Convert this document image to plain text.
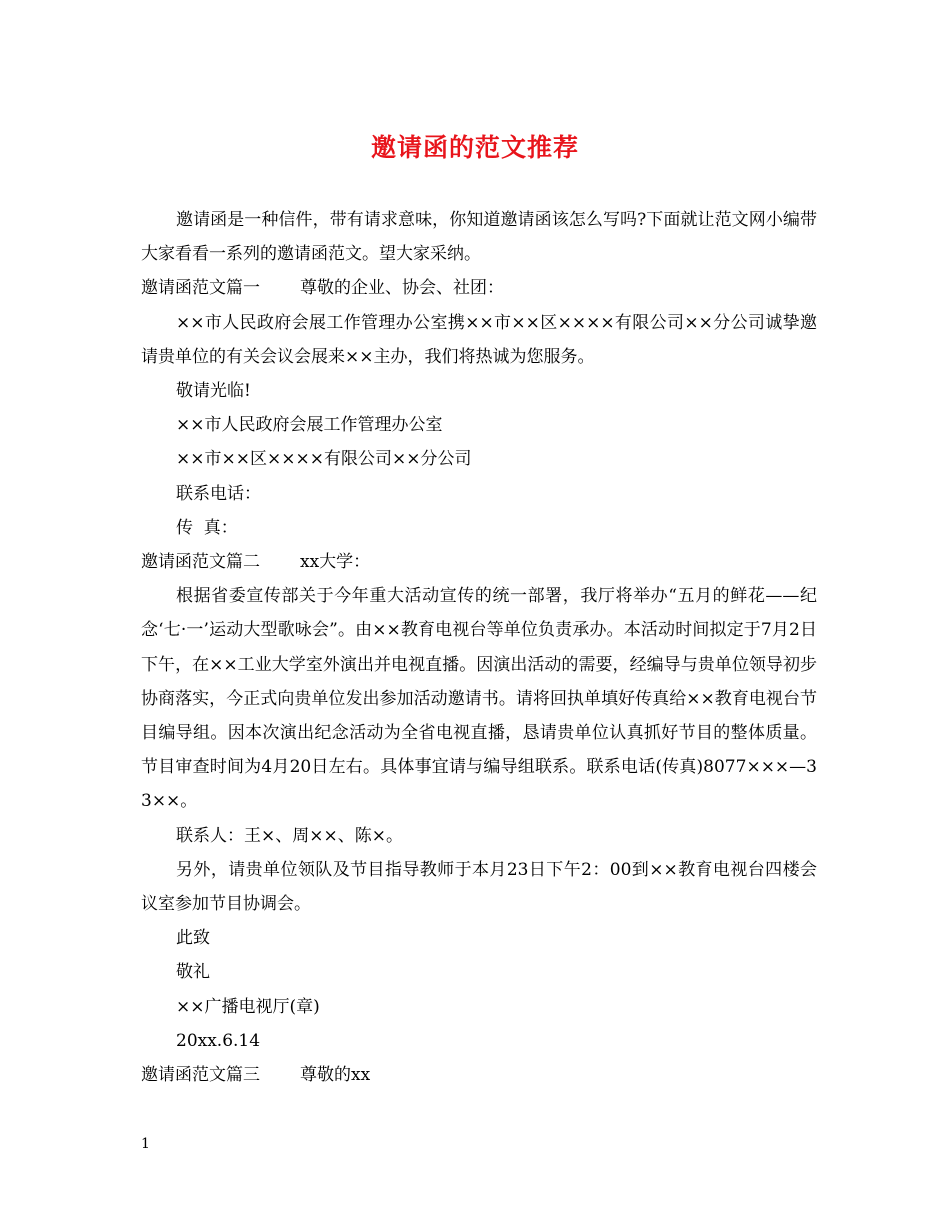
邀请函的范文推荐

邀请函是一种信件，带有请求意味，你知道邀请函该怎么写吗?下面就让范文网小编带大家看看一系列的邀请函范文。望大家采纳。

邀请函范文篇一 尊敬的企业、协会、社团：

××市人民政府会展工作管理办公室携××市××区××××有限公司××分公司诚挚邀请贵单位的有关会议会展来××主办，我们将热诚为您服务。

敬请光临!

××市人民政府会展工作管理办公室

××市××区××××有限公司××分公司

联系电话：

传  真：

邀请函范文篇二 xx大学：

根据省委宣传部关于今年重大活动宣传的统一部署，我厅将举办“五月的鲜花——纪念‘七·一’运动大型歌咏会”。由××教育电视台等单位负责承办。本活动时间拟定于7月2日下午，在××工业大学室外演出并电视直播。因演出活动的需要，经编导与贵单位领导初步协商落实，今正式向贵单位发出参加活动邀请书。请将回执单填好传真给××教育电视台节目编导组。因本次演出纪念活动为全省电视直播，恳请贵单位认真抓好节目的整体质量。节目审查时间为4月20日左右。具体事宜请与编导组联系。联系电话(传真)8077×××—33××。

联系人：王×、周××、陈×。

另外，请贵单位领队及节目指导教师于本月23日下午2：00到××教育电视台四楼会议室参加节目协调会。

此致

敬礼

××广播电视厅(章)

20xx.6.14

邀请函范文篇三 尊敬的xx

1
